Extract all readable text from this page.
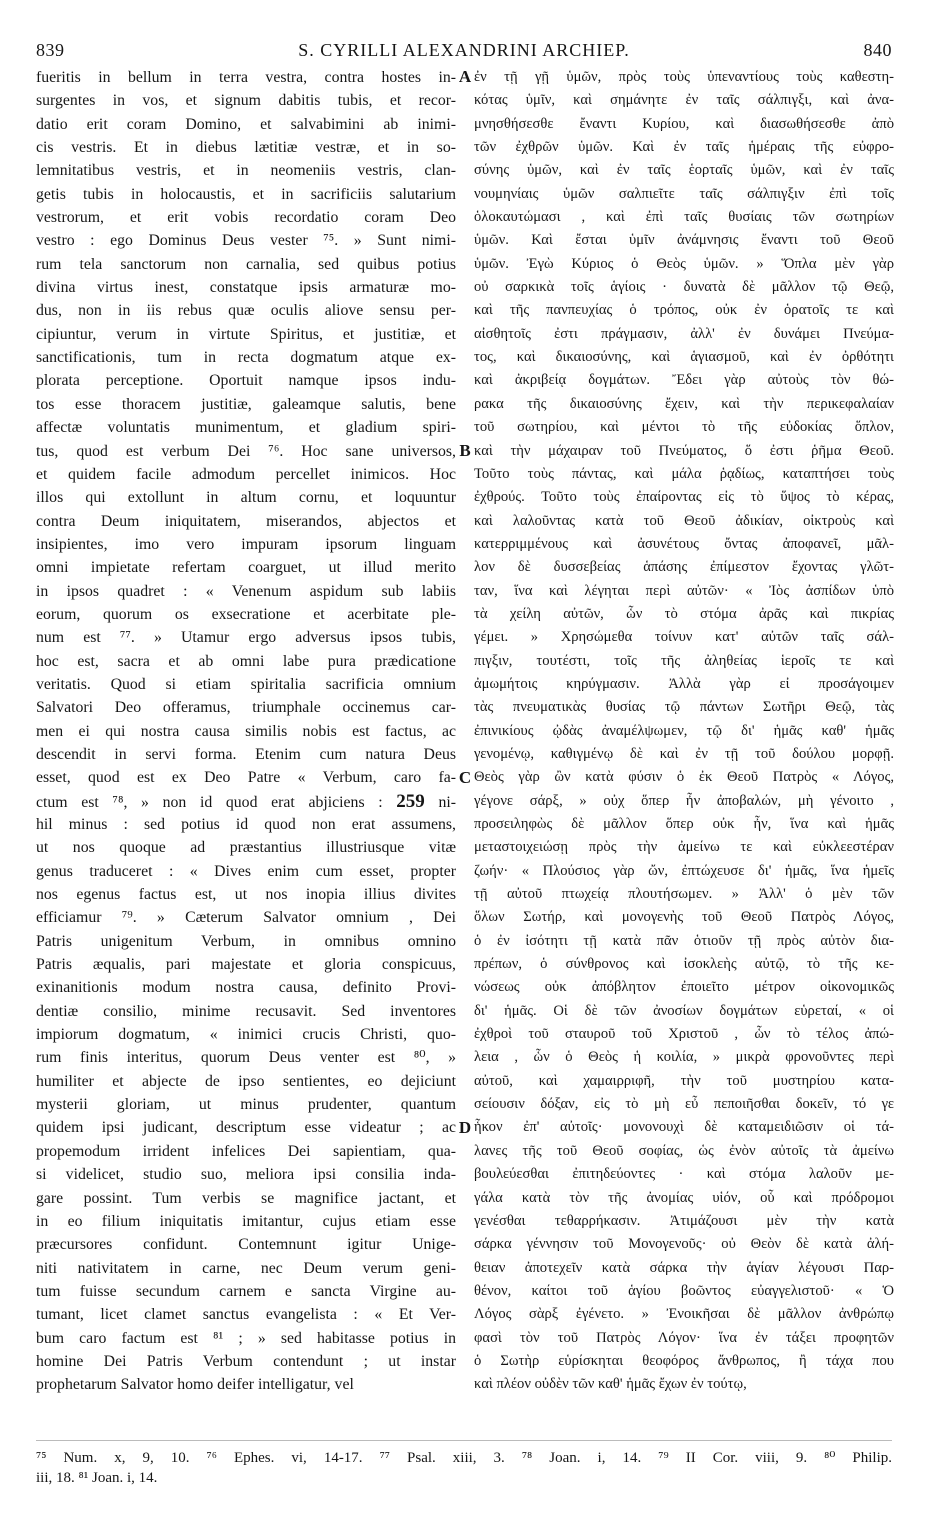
839	S. CYRILLI ALEXANDRINI ARCHIEP.	840
fueritis in bellum in terra vestra, contra hostes in-
surgentes in vos, et signum dabitis tubis, et recor-
datio erit coram Domino, et salvabimini ab inimi-
cis vestris. Et in diebus lætitiæ vestræ, et in so-
lemnitatibus vestris, et in neomeniis vestris, clan-
getis tubis in holocaustis, et in sacrificiis salutarium
vestrorum, et erit vobis recordatio coram Deo
vestro : ego Dominus Deus vester ⁷⁵. » Sunt nimi-
rum tela sanctorum non carnalia, sed quibus potius
divina virtus inest, constatque ipsis armaturæ mo-
dus, non in iis rebus quæ oculis aliove sensu per-
cipiuntur, verum in virtute Spiritus, et justitiæ, et
sanctificationis, tum in recta dogmatum atque ex-
plorata perceptione. Oportuit namque ipsos indu-
tos esse thoracem justitiæ, galeamque salutis, bene
affectæ voluntatis munimentum, et gladium spiri-
tus, quod est verbum Dei ⁷⁶. Hoc sane universos,
et quidem facile admodum percellet inimicos. Hoc
illos qui extollunt in altum cornu, et loquuntur
contra Deum iniquitatem, miserandos, abjectos et
insipientes, imo vero impuram ipsorum linguam
omni impietate refertam coarguet, ut illud merito
in ipsos quadret : « Venenum aspidum sub labiis
eorum, quorum os exsecratione et acerbitate ple-
num est ⁷⁷. » Utamur ergo adversus ipsos tubis,
hoc est, sacra et ab omni labe pura prædicatione
veritatis. Quod si etiam spiritalia sacrificia omnium
Salvatori Deo offeramus, triumphale occinemus car-
men ei qui nostra causa similis nobis est factus, ac
descendit in servi forma. Etenim cum natura Deus
esset, quod est ex Deo Patre « Verbum, caro fa-
ctum est ⁷⁸, » non id quod erat abjiciens : 259 ni-
hil minus : sed potius id quod non erat assumens,
ut nos quoque ad præstantius illustriusque vitæ
genus traduceret : « Dives enim cum esset, propter
nos egenus factus est, ut nos inopia illius divites
efficiamur ⁷⁹. » Cæterum Salvator omnium , Dei
Patris unigenitum Verbum, in omnibus omnino
Patris æqualis, pari majestate et gloria conspicuus,
exinanitionis modum nostra causa, definito Provi-
dentiæ consilio, minime recusavit. Sed inventores
impiorum dogmatum, « inimici crucis Christi, quo-
rum finis interitus, quorum Deus venter est ⁸⁰, »
humiliter et abjecte de ipso sentientes, eo dejiciunt
mysterii gloriam, ut minus prudenter, quantum
quidem ipsi judicant, descriptum esse videatur ; ac
propemodum irrident infelices Dei sapientiam, qua-
si videlicet, studio suo, meliora ipsi consilia inda-
gare possint. Tum verbis se magnifice jactant, et
in eo filium iniquitatis imitantur, cujus etiam esse
præcursores confidunt. Contemnunt igitur Unige-
niti nativitatem in carne, nec Deum verum geni-
tum fuisse secundum carnem e sancta Virgine au-
tumant, licet clamet sanctus evangelista : « Et Ver-
bum caro factum est ⁸¹ ; » sed habitasse potius in
homine Dei Patris Verbum contendunt ; ut instar
prophetarum Salvator homo deifer intelligatur, vel
A
B
C
D
ἐν τῇ γῇ ὑμῶν, πρὸς τοὺς ὑπεναντίους τοὺς καθεστη-
κότας ὑμῖν, καὶ σημάνητε ἐν ταῖς σάλπιγξι, καὶ ἀνα-
μνησθήσεσθε ἔναντι Κυρίου, καὶ διασωθήσεσθε ἀπὸ
τῶν ἐχθρῶν ὑμῶν. Καὶ ἐν ταῖς ἡμέραις τῆς εὐφρο-
σύνης ὑμῶν, καὶ ἐν ταῖς ἑορταῖς ὑμῶν, καὶ ἐν ταῖς
νουμηνίαις ὑμῶν σαλπιεῖτε ταῖς σάλπιγξιν ἐπὶ τοῖς
ὁλοκαυτώμασι , καὶ ἐπὶ ταῖς θυσίαις τῶν σωτηρίων
ὑμῶν. Καὶ ἔσται ὑμῖν ἀνάμνησις ἔναντι τοῦ Θεοῦ
ὑμῶν. Ἐγὼ Κύριος ὁ Θεὸς ὑμῶν. » Ὅπλα μὲν γὰρ
οὐ σαρκικὰ τοῖς ἁγίοις · δυνατὰ δὲ μᾶλλον τῷ Θεῷ,
καὶ τῆς πανπευχίας ὁ τρόπος, οὐκ ἐν ὁρατοῖς τε καὶ
αἰσθητοῖς ἐστι πράγμασιν, ἀλλ' ἐν δυνάμει Πνεύμα-
τος, καὶ δικαιοσύνης, καὶ ἁγιασμοῦ, καὶ ἐν ὀρθότητι
καὶ ἀκριβείᾳ δογμάτων. Ἔδει γὰρ αὐτοὺς τὸν θώ-
ρακα τῆς δικαιοσύνης ἔχειν, καὶ τὴν περικεφαλαίαν
τοῦ σωτηρίου, καὶ μέντοι τὸ τῆς εὐδοκίας ὅπλον,
καὶ τὴν μάχαιραν τοῦ Πνεύματος, ὅ ἐστι ῥῆμα Θεοῦ.
Τοῦτο τοὺς πάντας, καὶ μάλα ῥᾳδίως, καταπτήσει τοὺς
ἐχθρούς. Τοῦτο τοὺς ἐπαίροντας εἰς τὸ ὕψος τὸ κέρας,
καὶ λαλοῦντας κατὰ τοῦ Θεοῦ ἀδικίαν, οἰκτροὺς καὶ
κατερριμμένους καὶ ἀσυνέτους ὄντας ἀποφανεῖ, μᾶλ-
λον δὲ δυσσεβείας ἁπάσης ἐπίμεστον ἔχοντας γλῶτ-
ταν, ἵνα καὶ λέγηται περὶ αὐτῶν· « Ἰὸς ἀσπίδων ὑπὸ
τὰ χείλη αὐτῶν, ὧν τὸ στόμα ἀρᾶς καὶ πικρίας
γέμει. » Χρησώμεθα τοίνυν κατ' αὐτῶν ταῖς σάλ-
πιγξιν, τουτέστι, τοῖς τῆς ἀληθείας ἱεροῖς τε καὶ
ἀμωμήτοις κηρύγμασιν. Ἀλλὰ γὰρ εἰ προσάγοιμεν
τὰς πνευματικὰς θυσίας τῷ πάντων Σωτῆρι Θεῷ, τὰς
ἐπινικίους ᾠδὰς ἀναμέλψωμεν, τῷ δι' ἡμᾶς καθ' ἡμᾶς
γενομένῳ, καθιγμένῳ δὲ καὶ ἐν τῇ τοῦ δούλου μορφῇ.
Θεὸς γὰρ ὢν κατὰ φύσιν ὁ ἐκ Θεοῦ Πατρὸς « Λόγος,
γέγονε σάρξ, » οὐχ ὅπερ ἦν ἀποβαλών, μὴ γένοιτο ,
προσειληφὼς δὲ μᾶλλον ὅπερ οὐκ ἦν, ἵνα καὶ ἡμᾶς
μεταστοιχειώσῃ πρὸς τὴν ἀμείνω τε καὶ εὐκλεεστέραν
ζωήν· « Πλούσιος γὰρ ὤν, ἐπτώχευσε δι' ἡμᾶς, ἵνα ἡμεῖς
τῇ αὐτοῦ πτωχείᾳ πλουτήσωμεν. » Ἀλλ' ὁ μὲν τῶν
ὅλων Σωτήρ, καὶ μονογενὴς τοῦ Θεοῦ Πατρὸς Λόγος,
ὁ ἐν ἰσότητι τῇ κατὰ πᾶν ὁτιοῦν τῇ πρὸς αὐτὸν δια-
πρέπων, ὁ σύνθρονος καὶ ἰσοκλεὴς αὐτῷ, τὸ τῆς κε-
νώσεως οὐκ ἀπόβλητον ἐποιεῖτο μέτρον οἰκονομικῶς
δι' ἡμᾶς. Οἱ δὲ τῶν ἀνοσίων δογμάτων εὑρεταί, « οἱ
ἐχθροὶ τοῦ σταυροῦ τοῦ Χριστοῦ , ὧν τὸ τέλος ἀπώ-
λεια , ὧν ὁ Θεὸς ἡ κοιλία, » μικρὰ φρονοῦντες περὶ
αὐτοῦ, καὶ χαμαιρριφῆ, τὴν τοῦ μυστηρίου κατα-
σείουσιν δόξαν, εἰς τὸ μὴ εὖ πεποιῆσθαι δοκεῖν, τό γε
ἧκον ἐπ' αὐτοῖς· μονονουχὶ δὲ καταμειδιῶσιν οἱ τά-
λανες τῆς τοῦ Θεοῦ σοφίας, ὡς ἐνὸν αὐτοῖς τὰ ἀμείνω
βουλεύεσθαι ἐπιτηδεύοντες · καὶ στόμα λαλοῦν με-
γάλα κατὰ τὸν τῆς ἀνομίας υἱόν, οὗ καὶ πρόδρομοι
γενέσθαι τεθαρρήκασιν. Ἀτιμάζουσι μὲν τὴν κατὰ
σάρκα γέννησιν τοῦ Μονογενοῦς· οὐ Θεὸν δὲ κατὰ ἀλή-
θειαν ἀποτεχεῖν κατὰ σάρκα τὴν ἁγίαν λέγουσι Παρ-
θένον, καίτοι τοῦ ἁγίου βοῶντος εὐαγγελιστοῦ· « Ὁ
Λόγος σὰρξ ἐγένετο. » Ἐνοικῆσαι δὲ μᾶλλον ἀνθρώπῳ
φασὶ τὸν τοῦ Πατρὸς Λόγον· ἵνα ἐν τάξει προφητῶν
ὁ Σωτὴρ εὑρίσκηται θεοφόρος ἄνθρωπος, ἢ τάχα που
καὶ πλέον οὐδὲν τῶν καθ' ἡμᾶς ἔχων ἐν τούτῳ,
⁷⁵ Num. x, 9, 10. ⁷⁶ Ephes. vi, 14-17. ⁷⁷ Psal. xiii, 3. ⁷⁸ Joan. i, 14. ⁷⁹ II Cor. viii, 9. ⁸⁰ Philip.
iii, 18. ⁸¹ Joan. i, 14.
